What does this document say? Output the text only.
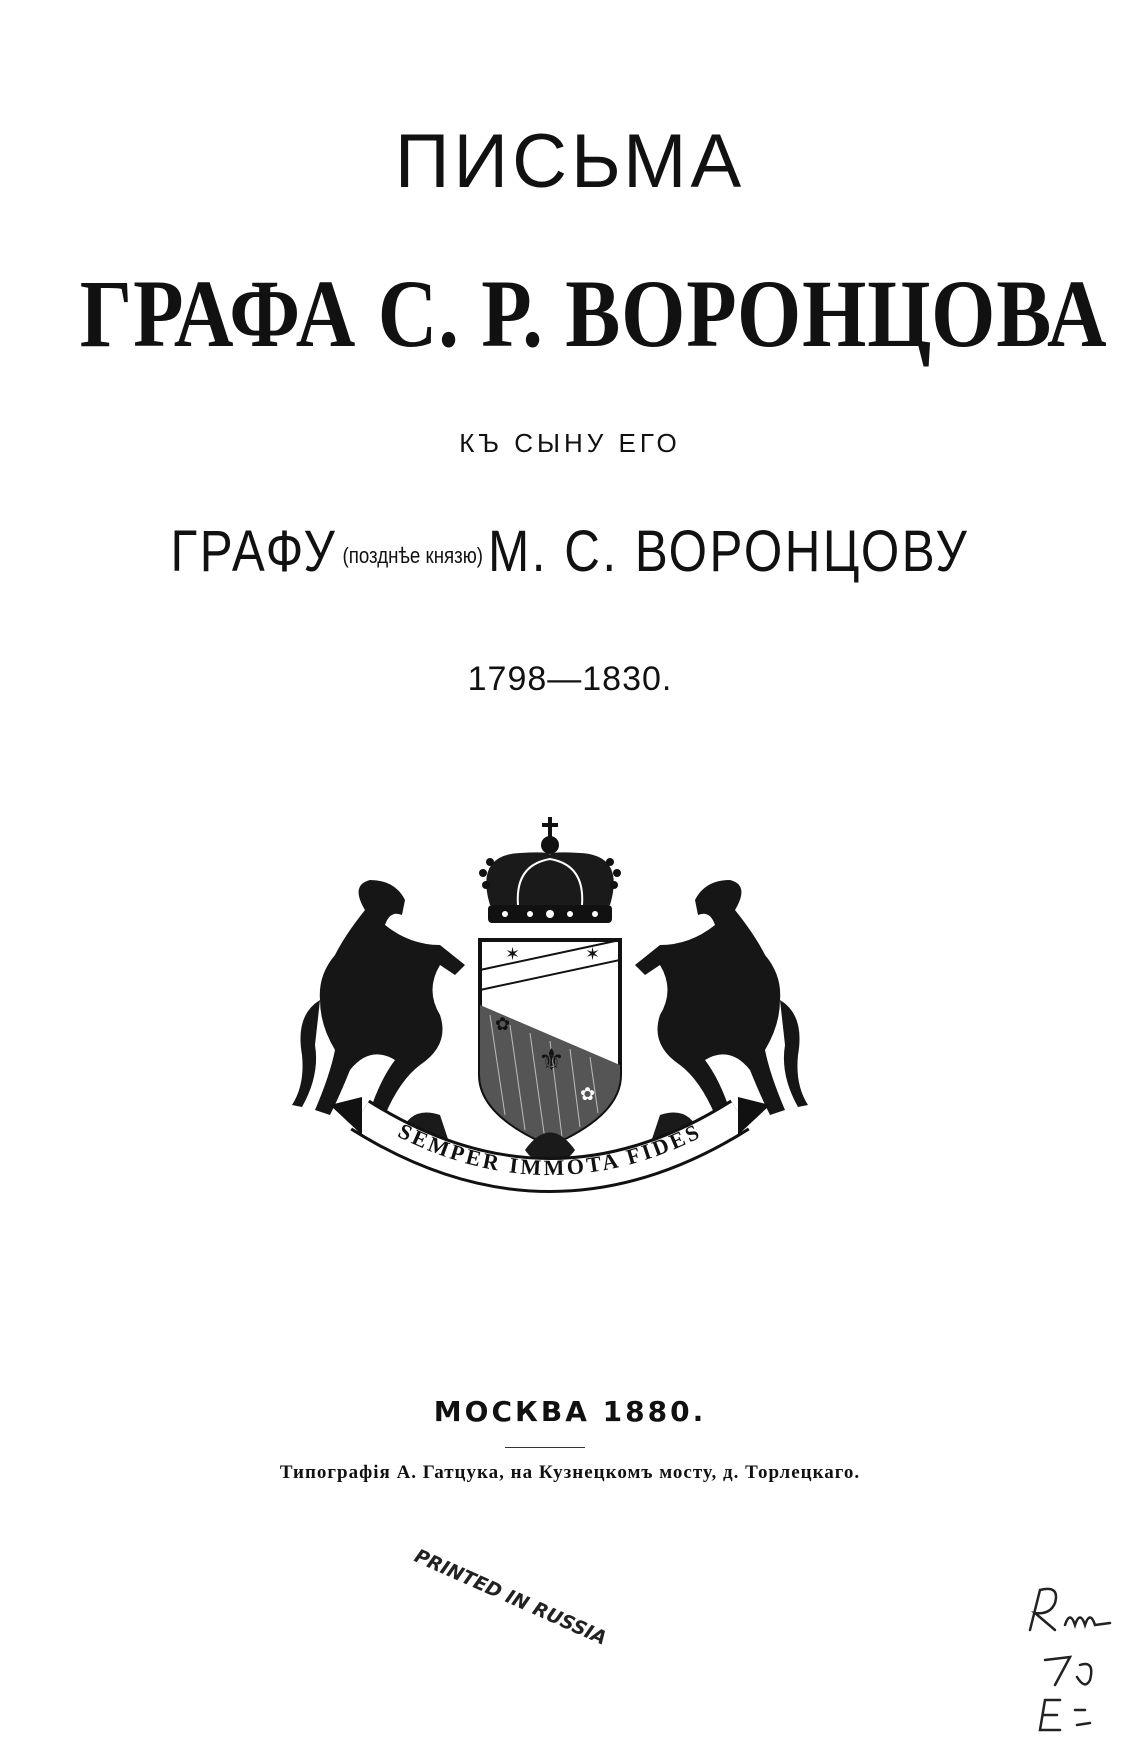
ПИСЬМА
ГРАФА С. Р. ВОРОНЦОВА
КЪ СЫНУ ЕГО
ГРАФУ (позднѣе князю)М. С. ВОРОНЦОВУ
1798—1830.
✶	✶
⚜
✿
✿
SEMPER IMMOTA FIDES
МОСКВА 1880.
Типографія А. Гатцука, на Кузнецкомъ мосту, д. Торлецкаго.
PRINTED IN RUSSIA
